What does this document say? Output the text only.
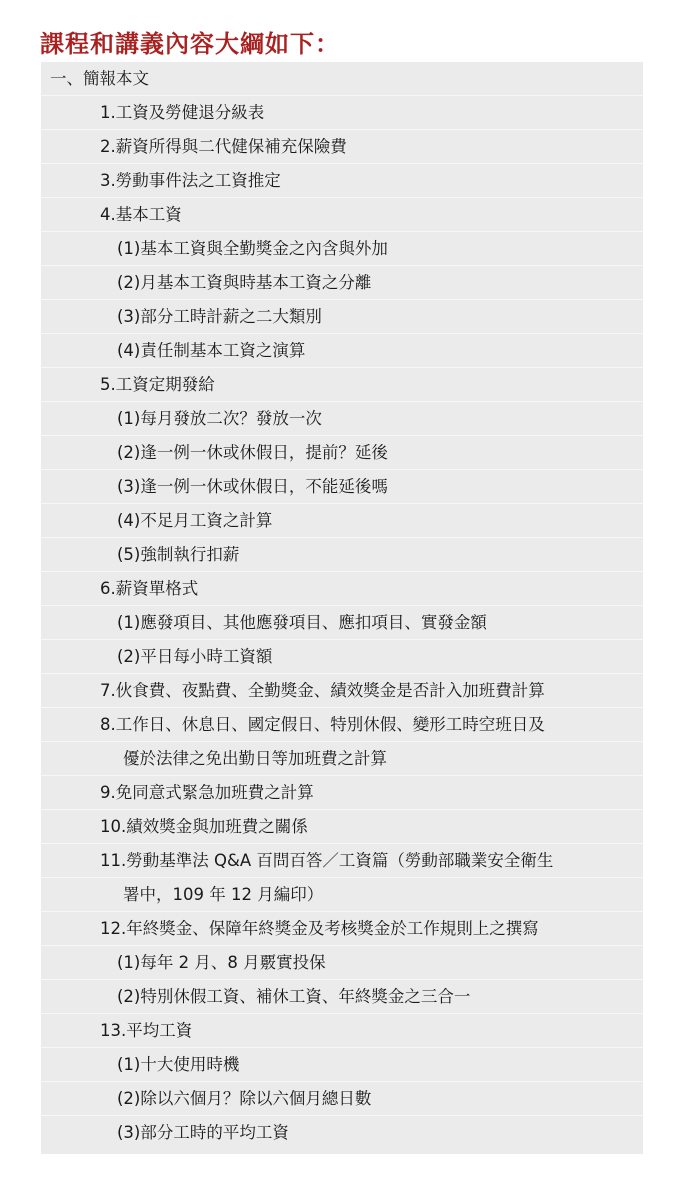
課程和講義內容大綱如下：
一、簡報本文
1.工資及勞健退分級表
2.薪資所得與二代健保補充保險費
3.勞動事件法之工資推定
4.基本工資
(1)基本工資與全勤獎金之內含與外加
(2)月基本工資與時基本工資之分離
(3)部分工時計薪之二大類別
(4)責任制基本工資之演算
5.工資定期發給
(1)每月發放二次？發放一次
(2)逢一例一休或休假日，提前？延後
(3)逢一例一休或休假日，不能延後嗎
(4)不足月工資之計算
(5)強制執行扣薪
6.薪資單格式
(1)應發項目、其他應發項目、應扣項目、實發金額
(2)平日每小時工資額
7.伙食費、夜點費、全勤獎金、績效獎金是否計入加班費計算
8.工作日、休息日、國定假日、特別休假、變形工時空班日及
優於法律之免出勤日等加班費之計算
9.免同意式緊急加班費之計算
10.績效獎金與加班費之關係
11.勞動基準法 Q&A 百問百答／工資篇（勞動部職業安全衛生
署中，109 年 12 月編印）
12.年終獎金、保障年終獎金及考核獎金於工作規則上之撰寫
(1)每年 2 月、8 月覈實投保
(2)特別休假工資、補休工資、年終獎金之三合一
13.平均工資
(1)十大使用時機
(2)除以六個月？除以六個月總日數
(3)部分工時的平均工資
